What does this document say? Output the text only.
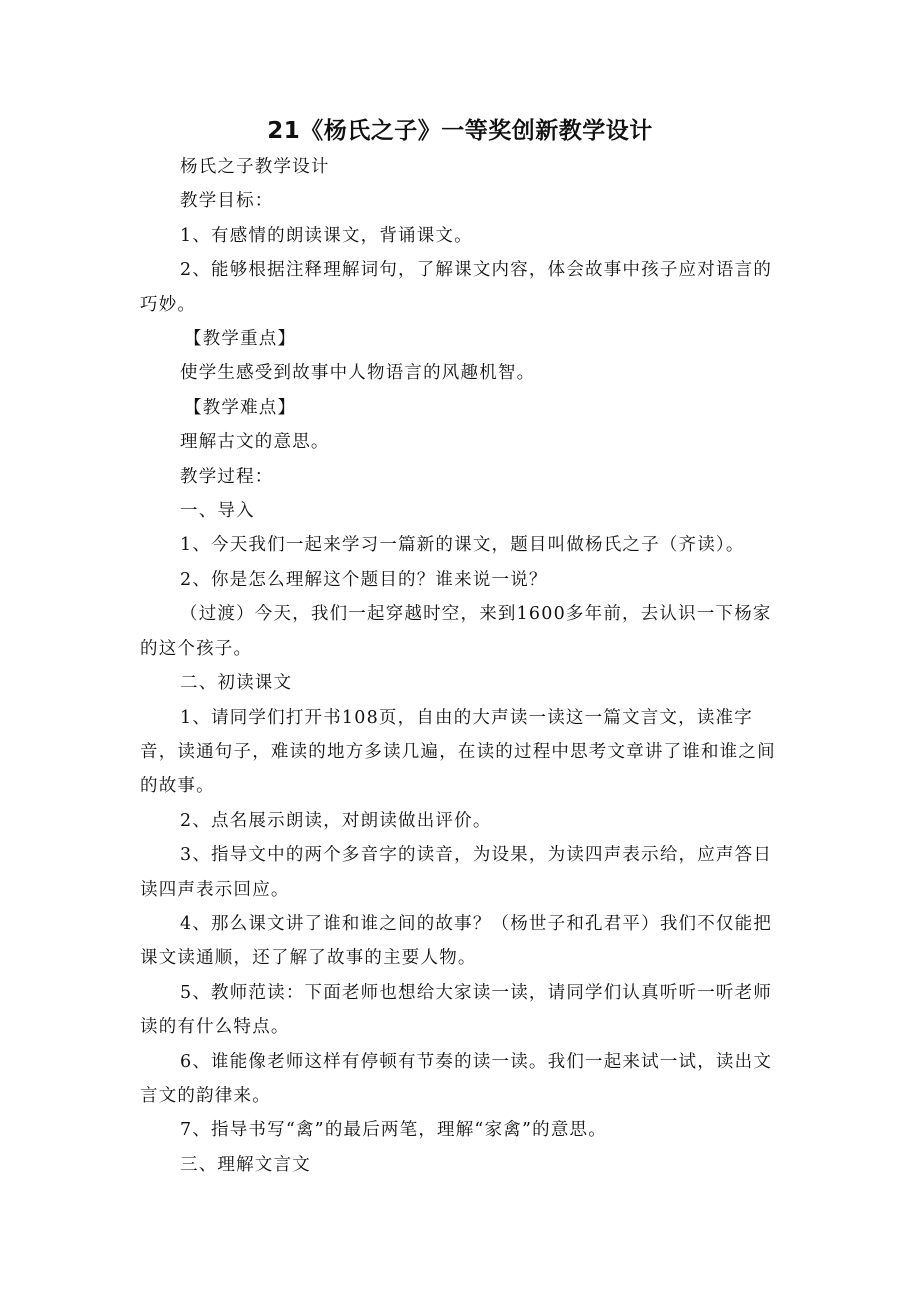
21《杨氏之子》一等奖创新教学设计

杨氏之子教学设计

教学目标：

1、有感情的朗读课文，背诵课文。

2、能够根据注释理解词句，了解课文内容，体会故事中孩子应对语言的巧妙。

【教学重点】

使学生感受到故事中人物语言的风趣机智。

【教学难点】

理解古文的意思。

教学过程：

一、导入

1、今天我们一起来学习一篇新的课文，题目叫做杨氏之子（齐读）。

2、你是怎么理解这个题目的？谁来说一说？

（过渡）今天，我们一起穿越时空，来到1600多年前，去认识一下杨家的这个孩子。

二、初读课文

1、请同学们打开书108页，自由的大声读一读这一篇文言文，读准字音，读通句子，难读的地方多读几遍，在读的过程中思考文章讲了谁和谁之间的故事。

2、点名展示朗读，对朗读做出评价。

3、指导文中的两个多音字的读音，为设果，为读四声表示给，应声答日读四声表示回应。

4、那么课文讲了谁和谁之间的故事？（杨世子和孔君平）我们不仅能把课文读通顺，还了解了故事的主要人物。

5、教师范读：下面老师也想给大家读一读，请同学们认真听听一听老师读的有什么特点。

6、谁能像老师这样有停顿有节奏的读一读。我们一起来试一试，读出文言文的韵律来。

7、指导书写“禽”的最后两笔，理解“家禽”的意思。

三、理解文言文
